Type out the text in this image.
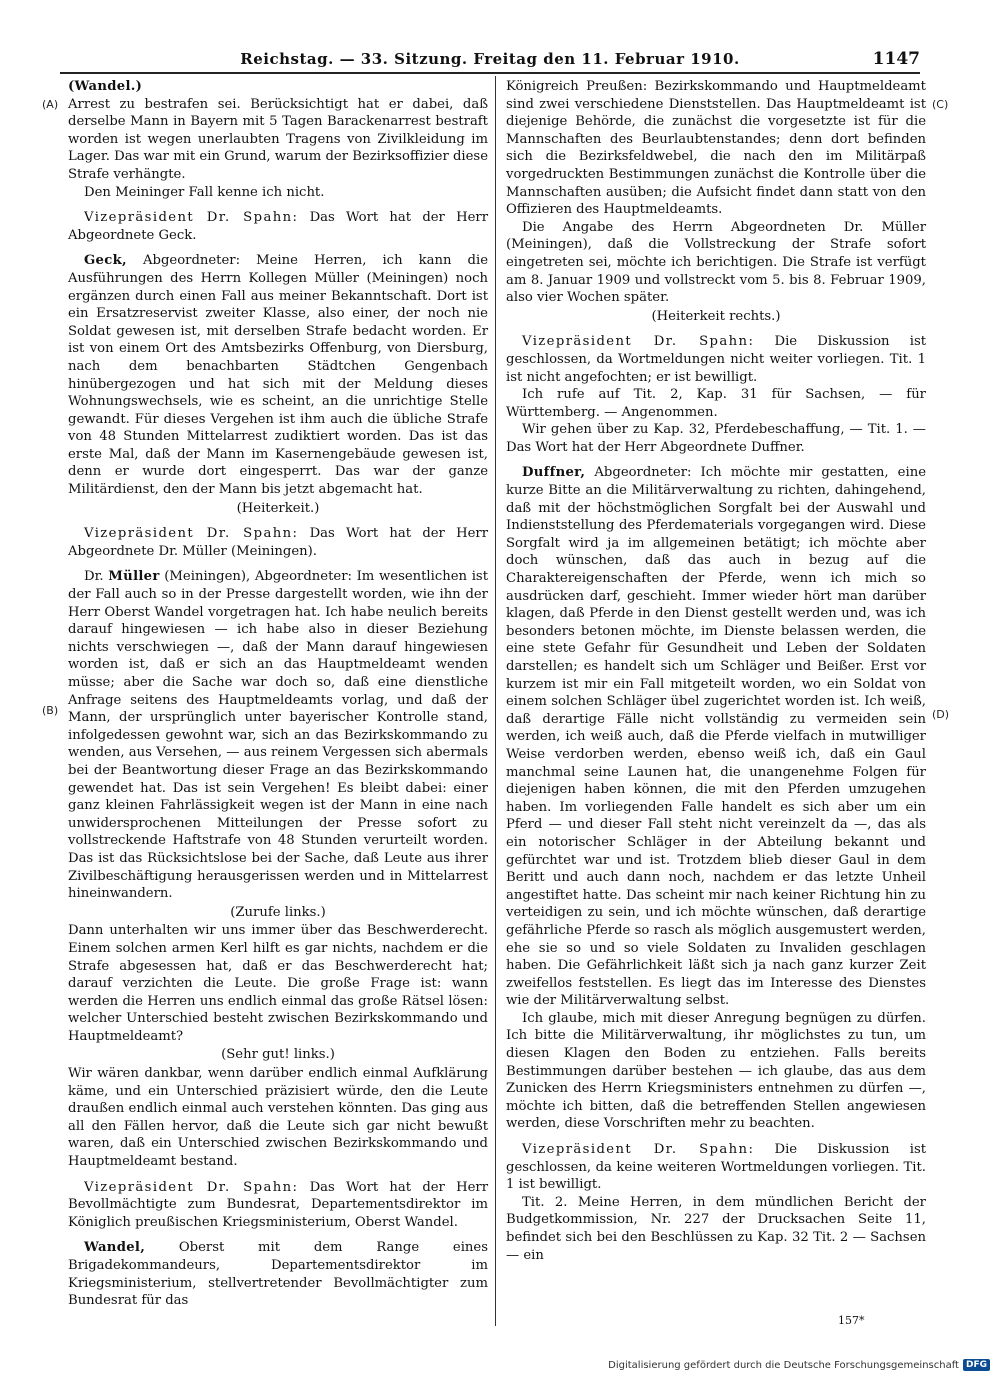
Reichstag. — 33. Sitzung. Freitag den 11. Februar 1910.	1147
(A)
(B)
(C)
(D)

(Wandel.)

Arrest zu bestrafen sei. Berücksichtigt hat er dabei, daß derselbe Mann in Bayern mit 5 Tagen Barackenarrest bestraft worden ist wegen unerlaubten Tragens von Zivilkleidung im Lager. Das war mit ein Grund, warum der Bezirksoffizier diese Strafe verhängte.

Den Meininger Fall kenne ich nicht.

Vizepräsident Dr. Spahn: Das Wort hat der Herr Abgeordnete Geck.

Geck, Abgeordneter: Meine Herren, ich kann die Ausführungen des Herrn Kollegen Müller (Meiningen) noch ergänzen durch einen Fall aus meiner Bekanntschaft. Dort ist ein Ersatzreservist zweiter Klasse, also einer, der noch nie Soldat gewesen ist, mit derselben Strafe bedacht worden. Er ist von einem Ort des Amtsbezirks Offenburg, von Diersburg, nach dem benachbarten Städtchen Gengenbach hinübergezogen und hat sich mit der Meldung dieses Wohnungswechsels, wie es scheint, an die unrichtige Stelle gewandt. Für dieses Vergehen ist ihm auch die übliche Strafe von 48 Stunden Mittelarrest zudiktiert worden. Das ist das erste Mal, daß der Mann im Kasernengebäude gewesen ist, denn er wurde dort eingesperrt. Das war der ganze Militärdienst, den der Mann bis jetzt abgemacht hat.

(Heiterkeit.)

Vizepräsident Dr. Spahn: Das Wort hat der Herr Abgeordnete Dr. Müller (Meiningen).

Dr. Müller (Meiningen), Abgeordneter: Im wesentlichen ist der Fall auch so in der Presse dargestellt worden, wie ihn der Herr Oberst Wandel vorgetragen hat. Ich habe neulich bereits darauf hingewiesen — ich habe also in dieser Beziehung nichts verschwiegen —, daß der Mann darauf hingewiesen worden ist, daß er sich an das Hauptmeldeamt wenden müsse; aber die Sache war doch so, daß eine dienstliche Anfrage seitens des Hauptmeldeamts vorlag, und daß der Mann, der ursprünglich unter bayerischer Kontrolle stand, infolgedessen gewohnt war, sich an das Bezirkskommando zu wenden, aus Versehen, — aus reinem Vergessen sich abermals bei der Beantwortung dieser Frage an das Bezirkskommando gewendet hat. Das ist sein Vergehen! Es bleibt dabei: einer ganz kleinen Fahrlässigkeit wegen ist der Mann in eine nach unwidersprochenen Mitteilungen der Presse sofort zu vollstreckende Haftstrafe von 48 Stunden verurteilt worden. Das ist das Rücksichtslose bei der Sache, daß Leute aus ihrer Zivilbeschäftigung herausgerissen werden und in Mittelarrest hineinwandern.

(Zurufe links.)

Dann unterhalten wir uns immer über das Beschwerderecht. Einem solchen armen Kerl hilft es gar nichts, nachdem er die Strafe abgesessen hat, daß er das Beschwerderecht hat; darauf verzichten die Leute. Die große Frage ist: wann werden die Herren uns endlich einmal das große Rätsel lösen: welcher Unterschied besteht zwischen Bezirkskommando und Hauptmeldeamt?

(Sehr gut! links.)

Wir wären dankbar, wenn darüber endlich einmal Aufklärung käme, und ein Unterschied präzisiert würde, den die Leute draußen endlich einmal auch verstehen könnten. Das ging aus all den Fällen hervor, daß die Leute sich gar nicht bewußt waren, daß ein Unterschied zwischen Bezirkskommando und Hauptmeldeamt bestand.

Vizepräsident Dr. Spahn: Das Wort hat der Herr Bevollmächtigte zum Bundesrat, Departementsdirektor im Königlich preußischen Kriegsministerium, Oberst Wandel.

Wandel, Oberst mit dem Range eines Brigadekommandeurs, Departementsdirektor im Kriegsministerium, stellvertretender Bevollmächtigter zum Bundesrat für das

Königreich Preußen: Bezirkskommando und Hauptmeldeamt sind zwei verschiedene Dienststellen. Das Hauptmeldeamt ist diejenige Behörde, die zunächst die vorgesetzte ist für die Mannschaften des Beurlaubtenstandes; denn dort befinden sich die Bezirksfeldwebel, die nach den im Militärpaß vorgedruckten Bestimmungen zunächst die Kontrolle über die Mannschaften ausüben; die Aufsicht findet dann statt von den Offizieren des Hauptmeldeamts.

Die Angabe des Herrn Abgeordneten Dr. Müller (Meiningen), daß die Vollstreckung der Strafe sofort eingetreten sei, möchte ich berichtigen. Die Strafe ist verfügt am 8. Januar 1909 und vollstreckt vom 5. bis 8. Februar 1909, also vier Wochen später.

(Heiterkeit rechts.)

Vizepräsident Dr. Spahn: Die Diskussion ist geschlossen, da Wortmeldungen nicht weiter vorliegen. Tit. 1 ist nicht angefochten; er ist bewilligt.

Ich rufe auf Tit. 2, Kap. 31 für Sachsen, — für Württemberg. — Angenommen.

Wir gehen über zu Kap. 32, Pferdebeschaffung, — Tit. 1. — Das Wort hat der Herr Abgeordnete Duffner.

Duffner, Abgeordneter: Ich möchte mir gestatten, eine kurze Bitte an die Militärverwaltung zu richten, dahingehend, daß mit der höchstmöglichen Sorgfalt bei der Auswahl und Indienststellung des Pferdematerials vorgegangen wird. Diese Sorgfalt wird ja im allgemeinen betätigt; ich möchte aber doch wünschen, daß das auch in bezug auf die Charaktereigenschaften der Pferde, wenn ich mich so ausdrücken darf, geschieht. Immer wieder hört man darüber klagen, daß Pferde in den Dienst gestellt werden und, was ich besonders betonen möchte, im Dienste belassen werden, die eine stete Gefahr für Gesundheit und Leben der Soldaten darstellen; es handelt sich um Schläger und Beißer. Erst vor kurzem ist mir ein Fall mitgeteilt worden, wo ein Soldat von einem solchen Schläger übel zugerichtet worden ist. Ich weiß, daß derartige Fälle nicht vollständig zu vermeiden sein werden, ich weiß auch, daß die Pferde vielfach in mutwilliger Weise verdorben werden, ebenso weiß ich, daß ein Gaul manchmal seine Launen hat, die unangenehme Folgen für diejenigen haben können, die mit den Pferden umzugehen haben. Im vorliegenden Falle handelt es sich aber um ein Pferd — und dieser Fall steht nicht vereinzelt da —, das als ein notorischer Schläger in der Abteilung bekannt und gefürchtet war und ist. Trotzdem blieb dieser Gaul in dem Beritt und auch dann noch, nachdem er das letzte Unheil angestiftet hatte. Das scheint mir nach keiner Richtung hin zu verteidigen zu sein, und ich möchte wünschen, daß derartige gefährliche Pferde so rasch als möglich ausgemustert werden, ehe sie so und so viele Soldaten zu Invaliden geschlagen haben. Die Gefährlichkeit läßt sich ja nach ganz kurzer Zeit zweifellos feststellen. Es liegt das im Interesse des Dienstes wie der Militärverwaltung selbst.

Ich glaube, mich mit dieser Anregung begnügen zu dürfen. Ich bitte die Militärverwaltung, ihr möglichstes zu tun, um diesen Klagen den Boden zu entziehen. Falls bereits Bestimmungen darüber bestehen — ich glaube, das aus dem Zunicken des Herrn Kriegsministers entnehmen zu dürfen —, möchte ich bitten, daß die betreffenden Stellen angewiesen werden, diese Vorschriften mehr zu beachten.

Vizepräsident Dr. Spahn: Die Diskussion ist geschlossen, da keine weiteren Wortmeldungen vorliegen. Tit. 1 ist bewilligt.

Tit. 2. Meine Herren, in dem mündlichen Bericht der Budgetkommission, Nr. 227 der Drucksachen Seite 11, befindet sich bei den Beschlüssen zu Kap. 32 Tit. 2 — Sachsen — ein

157*
Digitalisierung gefördert durch die Deutsche Forschungsgemeinschaft DFG
